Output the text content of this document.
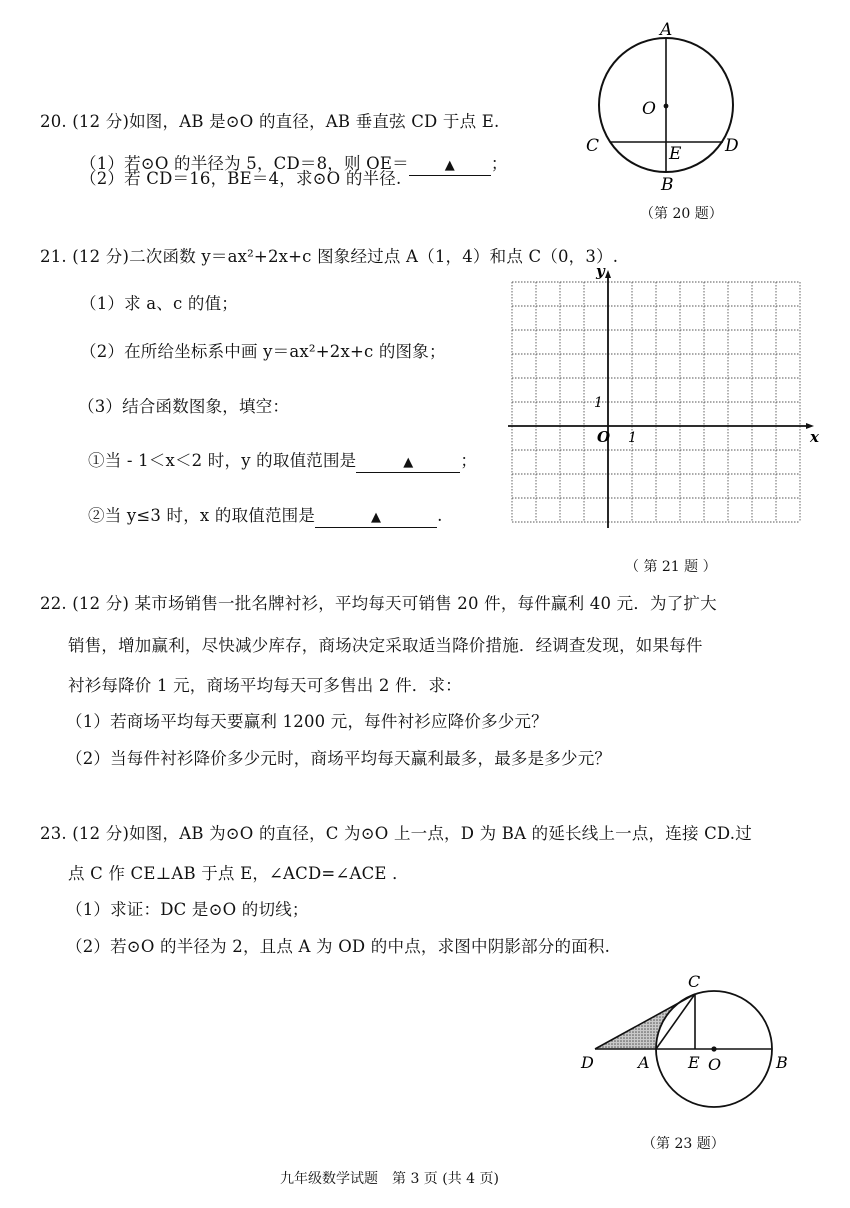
20. (12 分)如图，AB 是⊙O 的直径，AB 垂直弦 CD 于点 E.
（1）若⊙O 的半径为 5，CD＝8，则 OE＝	▲ ；
（2）若 CD＝16，BE＝4，求⊙O 的半径.
A
O
C	D
E
B
（第 20 题）
21. (12 分)二次函数 y＝ax²+2x+c 图象经过点 A（1，4）和点 C（0，3）.
（1）求 a、c 的值；
（2）在所给坐标系中画 y＝ax²+2x+c 的图象；
（3）结合函数图象，填空：
①当 - 1＜x＜2 时，y 的取值范围是	▲	；
②当 y≤3 时，x 的取值范围是	▲	.
x
y
O 1
1
（ 第 21 题 ）
22. (12 分) 某市场销售一批名牌衬衫，平均每天可销售 20 件，每件赢利 40 元．为了扩大
销售，增加赢利，尽快减少库存，商场决定采取适当降价措施．经调查发现，如果每件
衬衫每降价 1 元，商场平均每天可多售出 2 件．求：
（1）若商场平均每天要赢利 1200 元，每件衬衫应降价多少元？
（2）当每件衬衫降价多少元时，商场平均每天赢利最多，最多是多少元？
23. (12 分)如图，AB 为⊙O 的直径，C 为⊙O 上一点，D 为 BA 的延长线上一点，连接 CD.过
点 C 作 CE⊥AB 于点 E，∠ACD=∠ACE ．
（1）求证：DC 是⊙O 的切线；
（2）若⊙O 的半径为 2，且点 A 为 OD 的中点，求图中阴影部分的面积.
C
D	A E O	B
（第 23 题）
九年级数学试题　第 3 页 (共 4 页)
